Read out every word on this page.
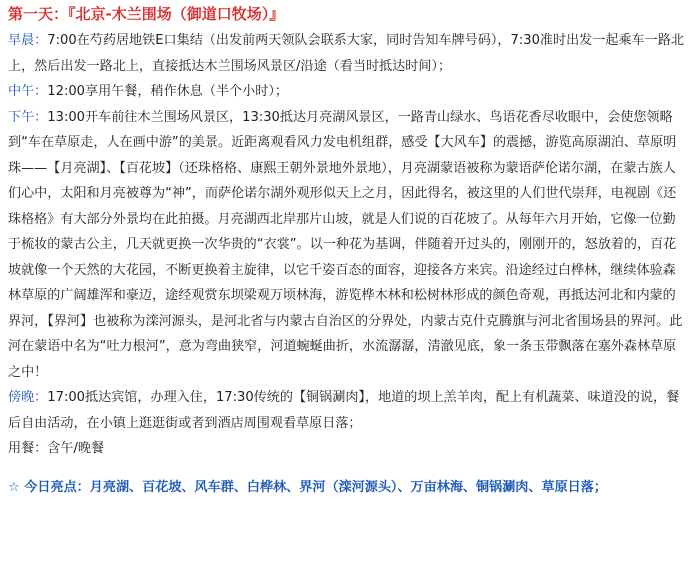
第一天：『北京-木兰围场（御道口牧场）』

早晨：7:00在芍药居地铁E口集结（出发前两天领队会联系大家，同时告知车牌号码），7:30准时出发一起乘车一路北上，然后出发一路北上，直接抵达木兰围场风景区/沿途（看当时抵达时间）；

中午：12:00享用午餐，稍作休息（半个小时）；

下午：13:00开车前往木兰围场风景区，13:30抵达月亮湖风景区，一路青山绿水、鸟语花香尽收眼中，会使您领略到“车在草原走，人在画中游”的美景。近距离观看风力发电机组群，感受【大风车】的震撼，游览高原湖泊、草原明珠——【月亮湖】、【百花坡】（还珠格格、康熙王朝外景地外景地），月亮湖蒙语被称为蒙语萨伦诺尔湖，在蒙古族人们心中，太阳和月亮被尊为“神”，而萨伦诺尔湖外观形似天上之月，因此得名，被这里的人们世代崇拜，电视剧《还珠格格》有大部分外景均在此拍摄。月亮湖西北岸那片山坡，就是人们说的百花坡了。从每年六月开始，它像一位勤于梳妆的蒙古公主，几天就更换一次华贵的“衣裳”。以一种花为基调，伴随着开过头的，刚刚开的，怒放着的，百花坡就像一个天然的大花园，不断更换着主旋律，以它千姿百态的面容，迎接各方来宾。沿途经过白桦林，继续体验森林草原的广阔雄浑和豪迈，途经观赏东坝梁观万顷林海，游览桦木林和松树林形成的颜色奇观，再抵达河北和内蒙的界河，【界河】也被称为滦河源头，是河北省与内蒙古自治区的分界处，内蒙古克什克腾旗与河北省围场县的界河。此河在蒙语中名为“吐力根河”，意为弯曲狭窄，河道蜿蜒曲折，水流潺潺，清澈见底，象一条玉带飘落在塞外森林草原之中！

傍晚：17:00抵达宾馆，办理入住，17:30传统的【铜锅涮肉】，地道的坝上羔羊肉，配上有机蔬菜、味道没的说，餐后自由活动，在小镇上逛逛街或者到酒店周围观看草原日落；

用餐：含午/晚餐

☆ 今日亮点：月亮湖、百花坡、风车群、白桦林、界河（滦河源头）、万亩林海、铜锅涮肉、草原日落；
